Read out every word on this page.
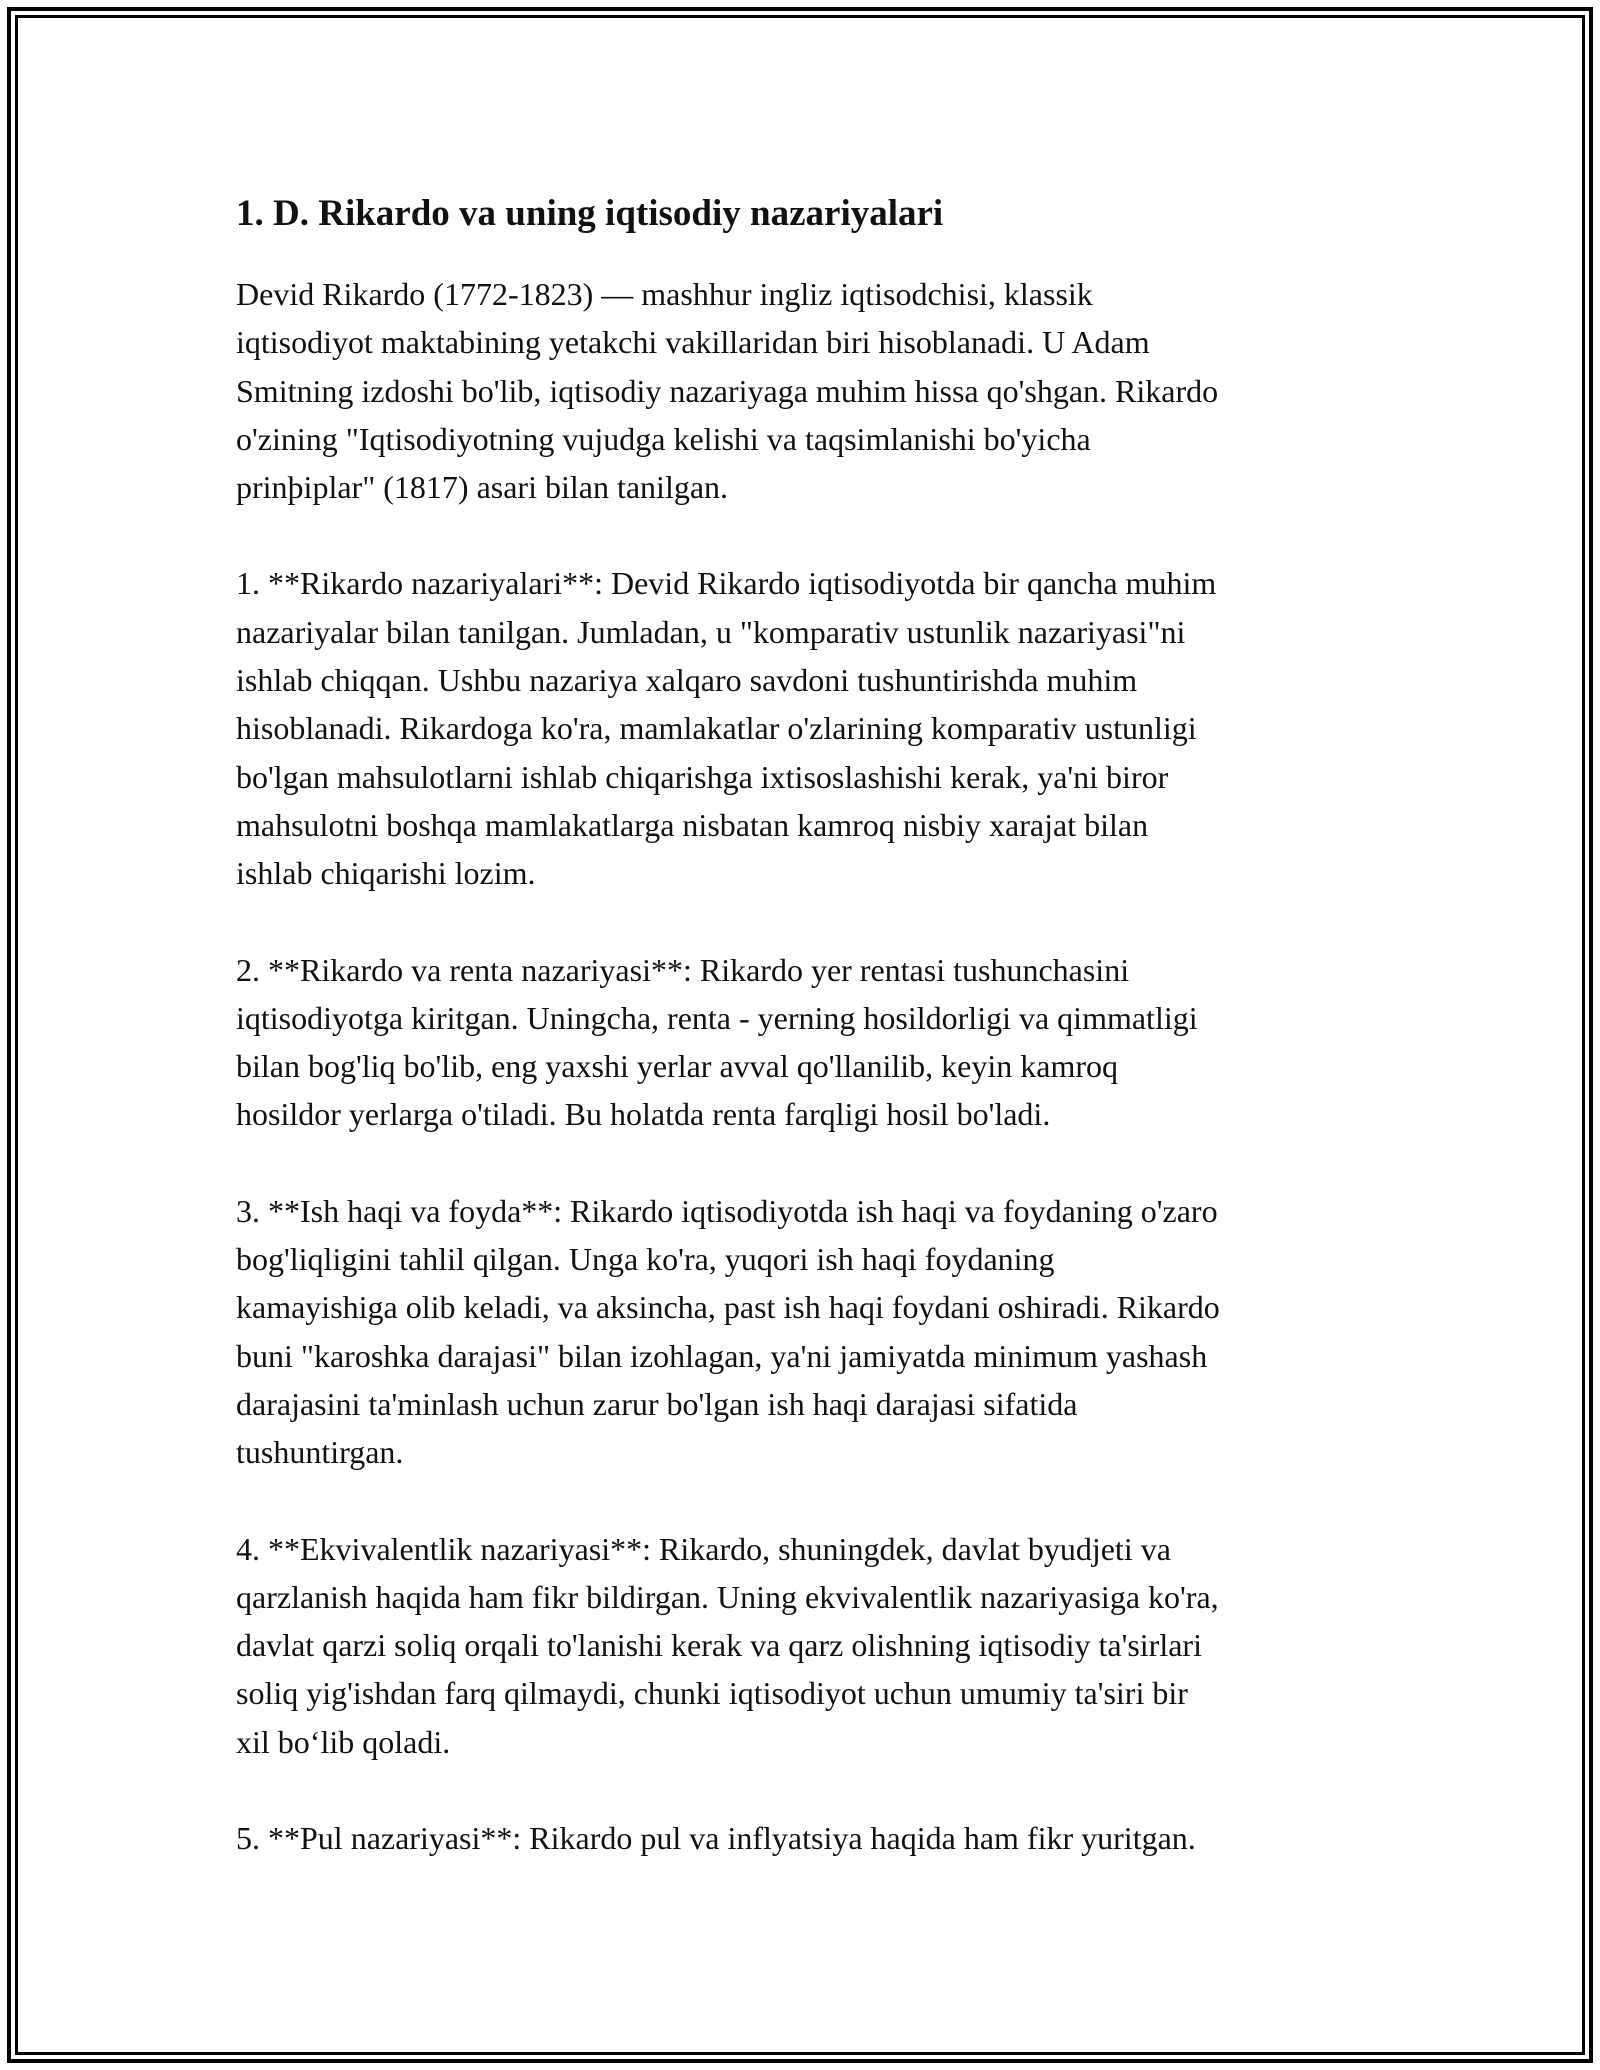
1. D. Rikardo va uning iqtisodiy nazariyalari

Devid Rikardo (1772-1823) — mashhur ingliz iqtisodchisi, klassik
iqtisodiyot maktabining yetakchi vakillaridan biri hisoblanadi. U Adam
Smitning izdoshi bo'lib, iqtisodiy nazariyaga muhim hissa qo'shgan. Rikardo
o'zining "Iqtisodiyotning vujudga kelishi va taqsimlanishi bo'yicha
prinþiplar" (1817) asari bilan tanilgan.

1. **Rikardo nazariyalari**: Devid Rikardo iqtisodiyotda bir qancha muhim
nazariyalar bilan tanilgan. Jumladan, u "komparativ ustunlik nazariyasi"ni
ishlab chiqqan. Ushbu nazariya xalqaro savdoni tushuntirishda muhim
hisoblanadi. Rikardoga ko'ra, mamlakatlar o'zlarining komparativ ustunligi
bo'lgan mahsulotlarni ishlab chiqarishga ixtisoslashishi kerak, ya'ni biror
mahsulotni boshqa mamlakatlarga nisbatan kamroq nisbiy xarajat bilan
ishlab chiqarishi lozim.

2. **Rikardo va renta nazariyasi**: Rikardo yer rentasi tushunchasini
iqtisodiyotga kiritgan. Uningcha, renta - yerning hosildorligi va qimmatligi
bilan bog'liq bo'lib, eng yaxshi yerlar avval qo'llanilib, keyin kamroq
hosildor yerlarga o'tiladi. Bu holatda renta farqligi hosil bo'ladi.

3. **Ish haqi va foyda**: Rikardo iqtisodiyotda ish haqi va foydaning o'zaro
bog'liqligini tahlil qilgan. Unga ko'ra, yuqori ish haqi foydaning
kamayishiga olib keladi, va aksincha, past ish haqi foydani oshiradi. Rikardo
buni "karoshka darajasi" bilan izohlagan, ya'ni jamiyatda minimum yashash
darajasini ta'minlash uchun zarur bo'lgan ish haqi darajasi sifatida
tushuntirgan.

4. **Ekvivalentlik nazariyasi**: Rikardo, shuningdek, davlat byudjeti va
qarzlanish haqida ham fikr bildirgan. Uning ekvivalentlik nazariyasiga ko'ra,
davlat qarzi soliq orqali to'lanishi kerak va qarz olishning iqtisodiy ta'sirlari
soliq yig'ishdan farq qilmaydi, chunki iqtisodiyot uchun umumiy ta'siri bir
xil bo‘lib qoladi.

5. **Pul nazariyasi**: Rikardo pul va inflyatsiya haqida ham fikr yuritgan.
